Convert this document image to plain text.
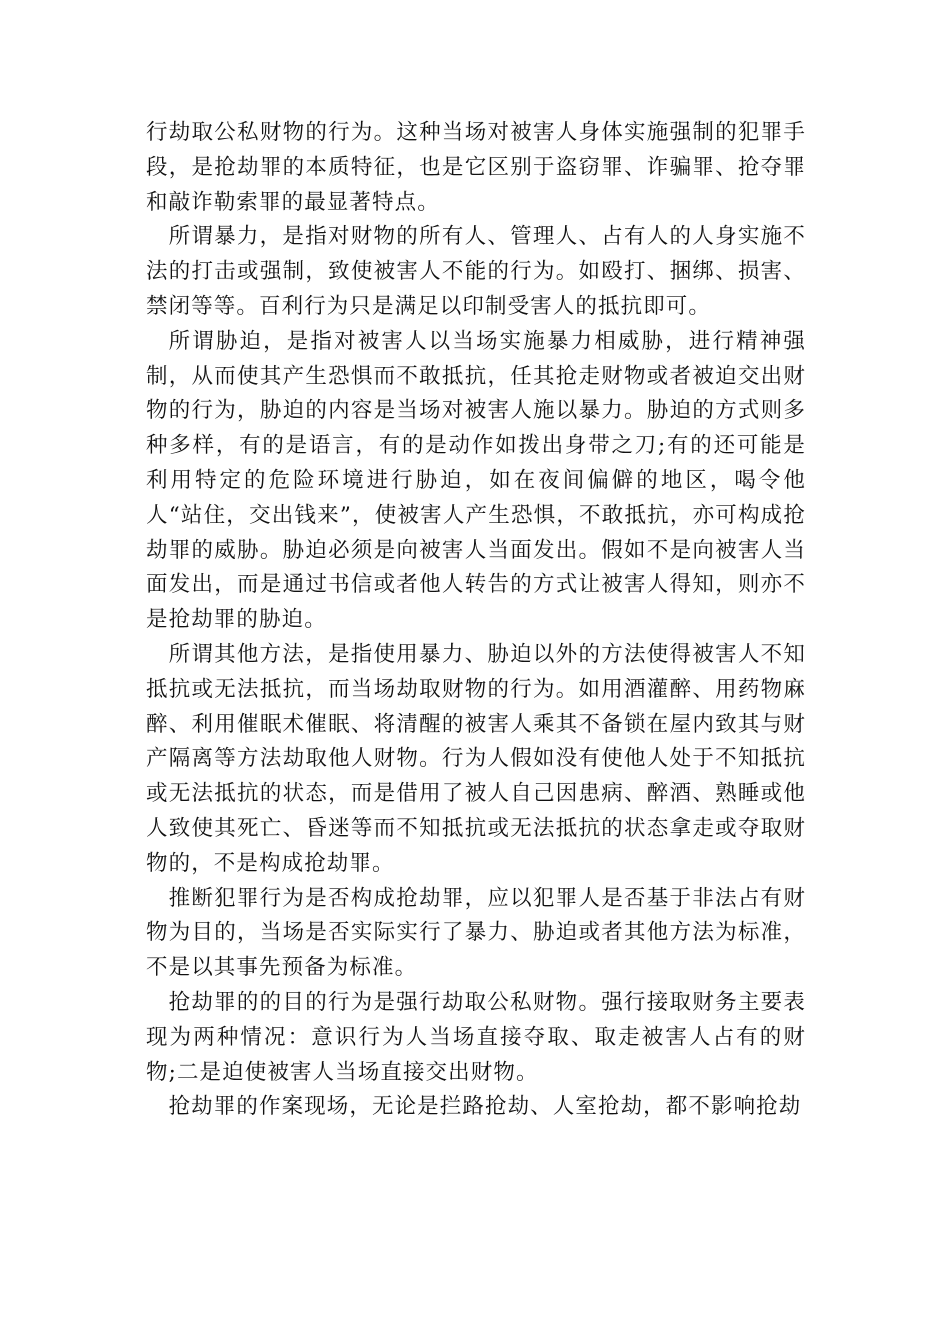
行劫取公私财物的行为。这种当场对被害人身体实施强制的犯罪手段，是抢劫罪的本质特征，也是它区别于盗窃罪、诈骗罪、抢夺罪和敲诈勒索罪的最显著特点。

所谓暴力，是指对财物的所有人、管理人、占有人的人身实施不法的打击或强制，致使被害人不能的行为。如殴打、捆绑、损害、禁闭等等。百利行为只是满足以印制受害人的抵抗即可。

所谓胁迫，是指对被害人以当场实施暴力相威胁，进行精神强制，从而使其产生恐惧而不敢抵抗，任其抢走财物或者被迫交出财物的行为，胁迫的内容是当场对被害人施以暴力。胁迫的方式则多种多样，有的是语言，有的是动作如拨出身带之刀;有的还可能是利用特定的危险环境进行胁迫，如在夜间偏僻的地区，喝令他人“站住，交出钱来”，使被害人产生恐惧，不敢抵抗，亦可构成抢劫罪的威胁。胁迫必须是向被害人当面发出。假如不是向被害人当面发出，而是通过书信或者他人转告的方式让被害人得知，则亦不是抢劫罪的胁迫。

所谓其他方法，是指使用暴力、胁迫以外的方法使得被害人不知抵抗或无法抵抗，而当场劫取财物的行为。如用酒灌醉、用药物麻醉、利用催眠术催眠、将清醒的被害人乘其不备锁在屋内致其与财产隔离等方法劫取他人财物。行为人假如没有使他人处于不知抵抗或无法抵抗的状态，而是借用了被人自己因患病、醉酒、熟睡或他人致使其死亡、昏迷等而不知抵抗或无法抵抗的状态拿走或夺取财物的，不是构成抢劫罪。

推断犯罪行为是否构成抢劫罪，应以犯罪人是否基于非法占有财物为目的，当场是否实际实行了暴力、胁迫或者其他方法为标准，不是以其事先预备为标准。

抢劫罪的的目的行为是强行劫取公私财物。强行接取财务主要表现为两种情况：意识行为人当场直接夺取、取走被害人占有的财物;二是迫使被害人当场直接交出财物。

抢劫罪的作案现场，无论是拦路抢劫、人室抢劫，都不影响抢劫
